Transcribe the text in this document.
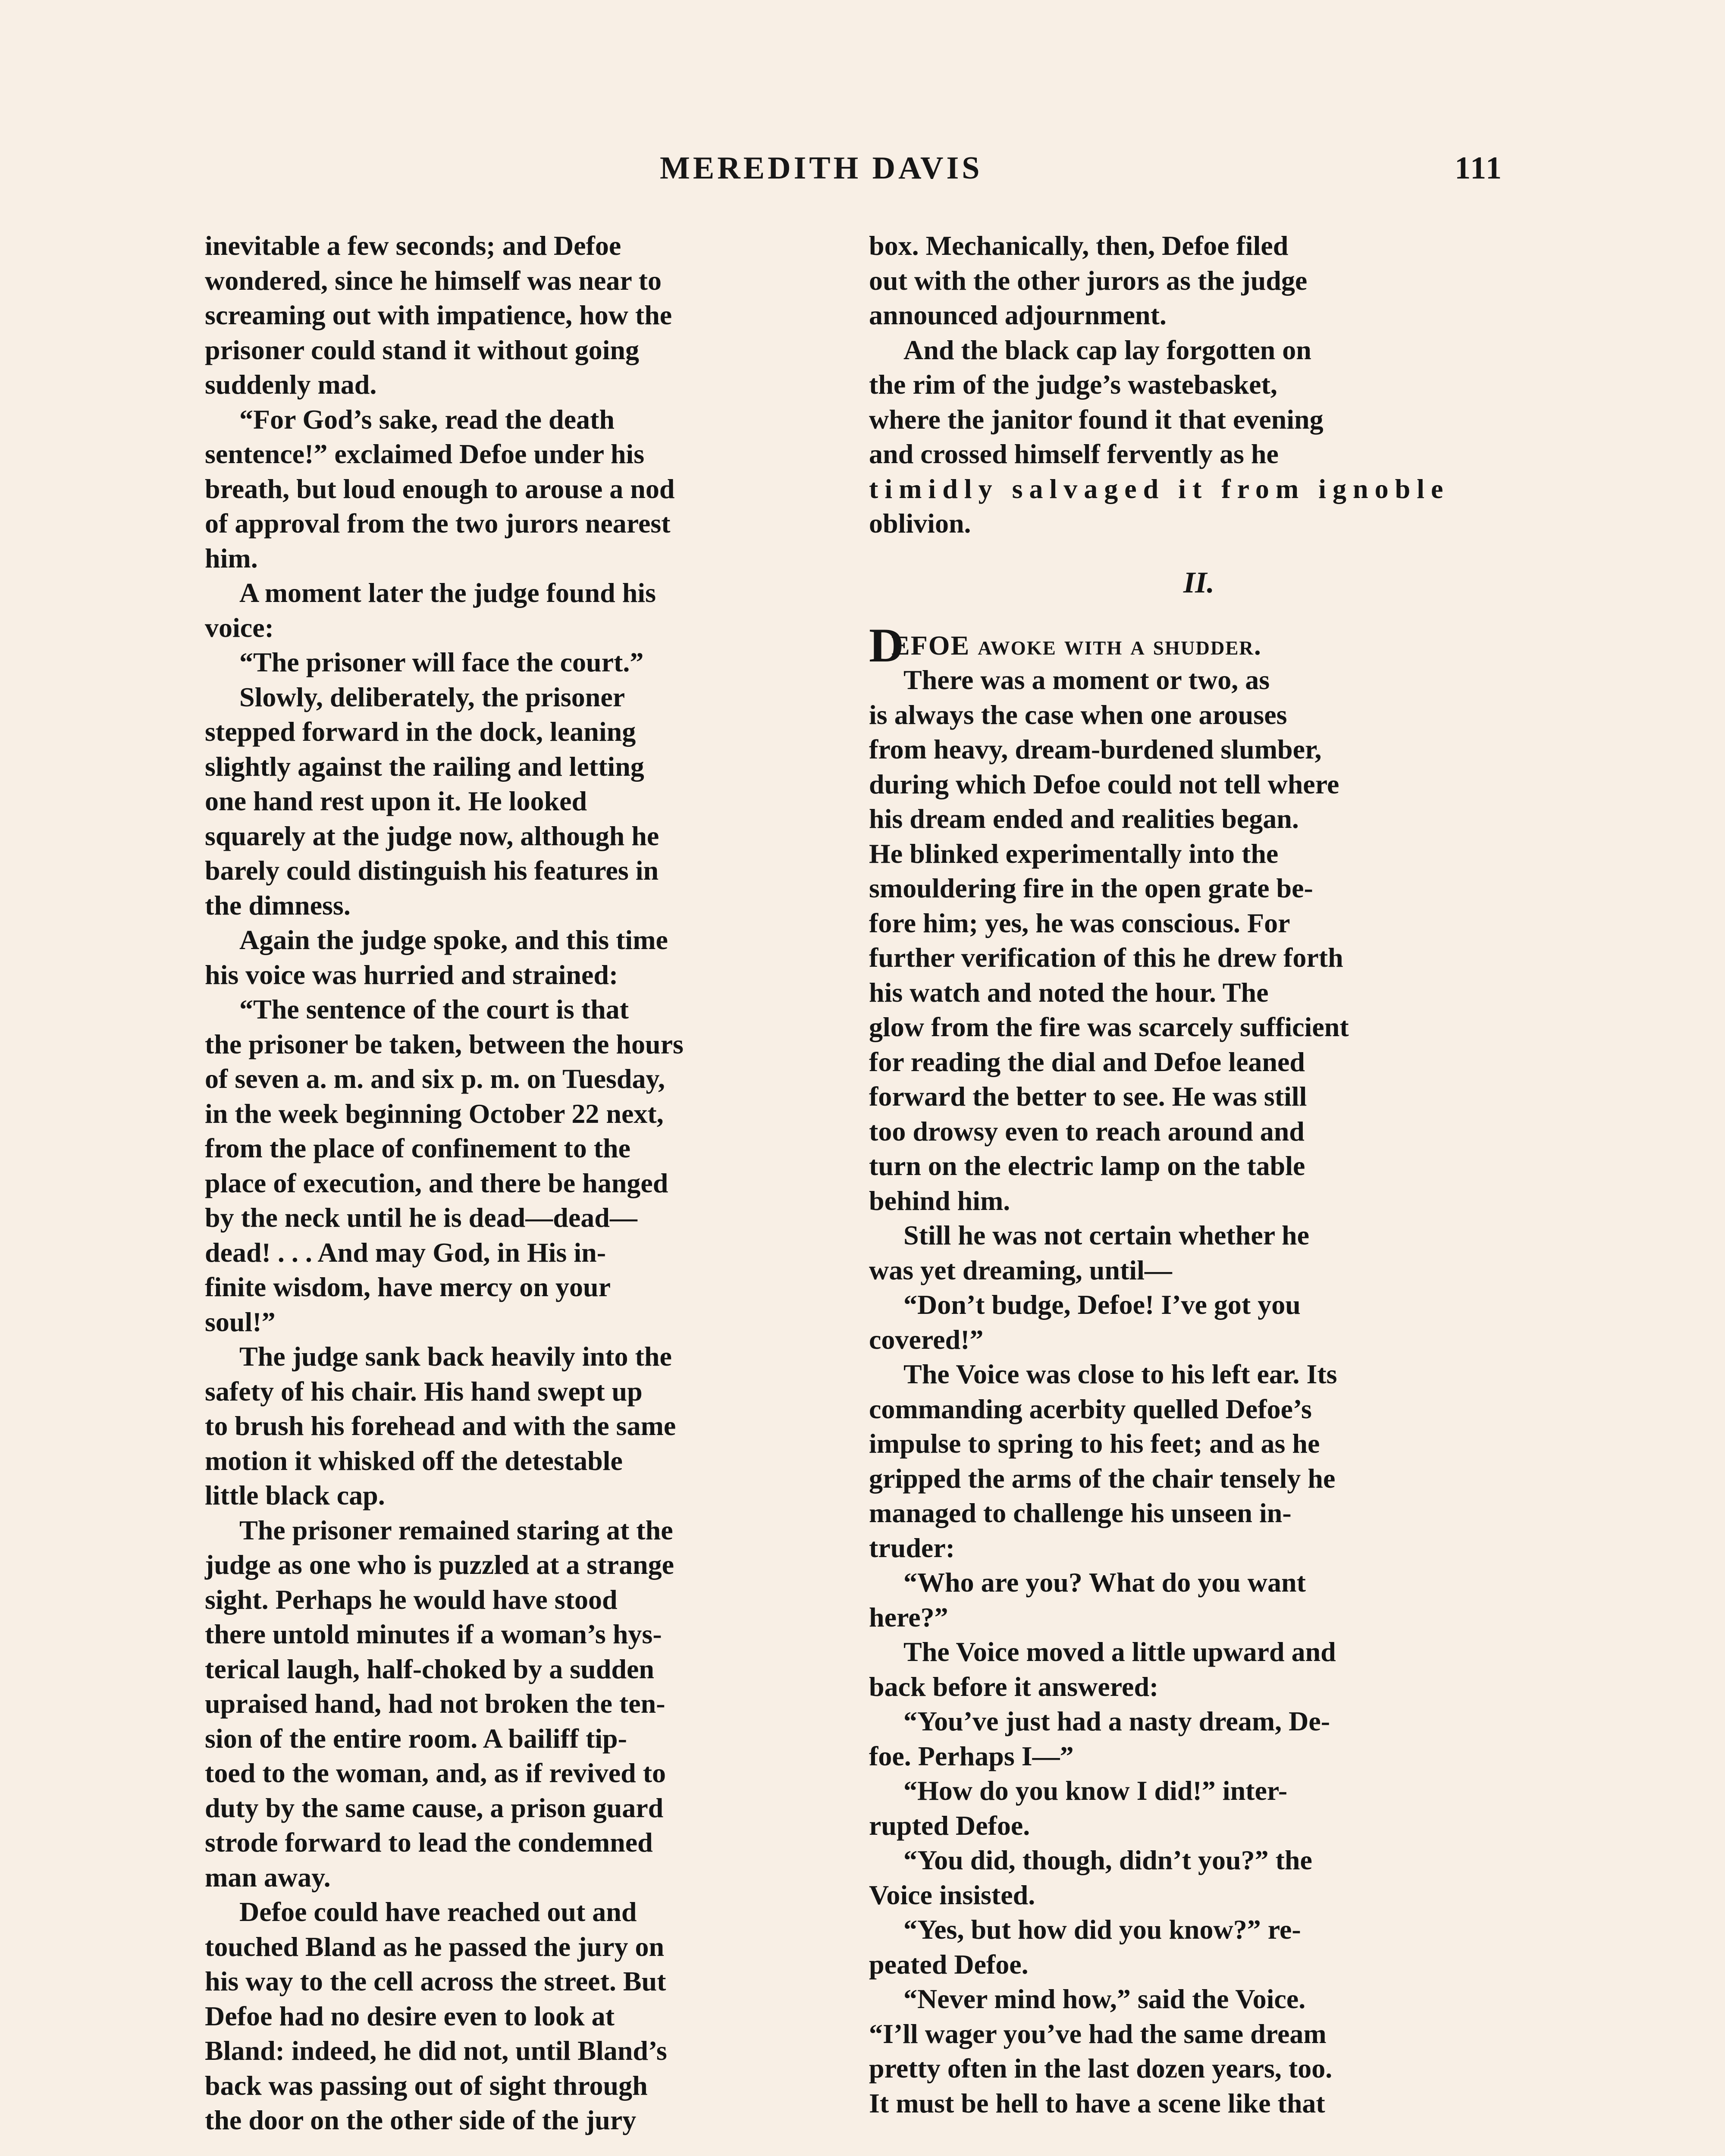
MEREDITH DAVIS	111

inevitable a few seconds; and Defoe
wondered, since he himself was near to
screaming out with impatience, how the
prisoner could stand it without going
suddenly mad.

“For God’s sake, read the death
sentence!” exclaimed Defoe under his
breath, but loud enough to arouse a nod
of approval from the two jurors nearest
him.

A moment later the judge found his
voice:

“The prisoner will face the court.”

Slowly, deliberately, the prisoner
stepped forward in the dock, leaning
slightly against the railing and letting
one hand rest upon it. He looked
squarely at the judge now, although he
barely could distinguish his features in
the dimness.

Again the judge spoke, and this time
his voice was hurried and strained:

“The sentence of the court is that
the prisoner be taken, between the hours
of seven a. m. and six p. m. on Tuesday,
in the week beginning October 22 next,
from the place of confinement to the
place of execution, and there be hanged
by the neck until he is dead—dead—
dead! . . . And may God, in His in-
finite wisdom, have mercy on your
soul!”

The judge sank back heavily into the
safety of his chair. His hand swept up
to brush his forehead and with the same
motion it whisked off the detestable
little black cap.

The prisoner remained staring at the
judge as one who is puzzled at a strange
sight. Perhaps he would have stood
there untold minutes if a woman’s hys-
terical laugh, half-choked by a sudden
upraised hand, had not broken the ten-
sion of the entire room. A bailiff tip-
toed to the woman, and, as if revived to
duty by the same cause, a prison guard
strode forward to lead the condemned
man away.

Defoe could have reached out and
touched Bland as he passed the jury on
his way to the cell across the street. But
Defoe had no desire even to look at
Bland: indeed, he did not, until Bland’s
back was passing out of sight through
the door on the other side of the jury

box. Mechanically, then, Defoe filed
out with the other jurors as the judge
announced adjournment.

And the black cap lay forgotten on
the rim of the judge’s wastebasket,
where the janitor found it that evening
and crossed himself fervently as he
timidly salvaged it from ignoble
oblivion.

II.

D
EFOE awoke with a shudder.

There was a moment or two, as
is always the case when one arouses
from heavy, dream-burdened slumber,
during which Defoe could not tell where
his dream ended and realities began.
He blinked experimentally into the
smouldering fire in the open grate be-
fore him; yes, he was conscious. For
further verification of this he drew forth
his watch and noted the hour. The
glow from the fire was scarcely sufficient
for reading the dial and Defoe leaned
forward the better to see. He was still
too drowsy even to reach around and
turn on the electric lamp on the table
behind him.

Still he was not certain whether he
was yet dreaming, until—

“Don’t budge, Defoe! I’ve got you
covered!”

The Voice was close to his left ear. Its
commanding acerbity quelled Defoe’s
impulse to spring to his feet; and as he
gripped the arms of the chair tensely he
managed to challenge his unseen in-
truder:

“Who are you? What do you want
here?”

The Voice moved a little upward and
back before it answered:

“You’ve just had a nasty dream, De-
foe. Perhaps I—”

“How do you know I did!” inter-
rupted Defoe.

“You did, though, didn’t you?” the
Voice insisted.

“Yes, but how did you know?” re-
peated Defoe.

“Never mind how,” said the Voice.
“I’ll wager you’ve had the same dream
pretty often in the last dozen years, too.
It must be hell to have a scene like that
